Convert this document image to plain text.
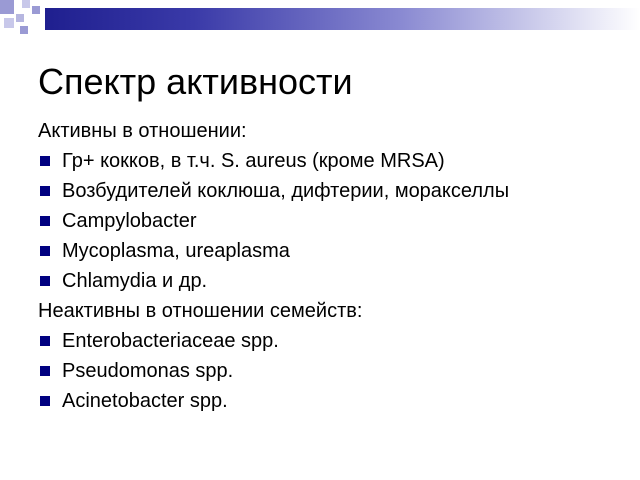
Спектр активности
Активны в отношении:
Гр+ кокков, в т.ч. S. aureus (кроме MRSA)
Возбудителей коклюша, дифтерии, моракселлы
Campylobacter
Mycoplasma, ureaplasma
Chlamydia и др.
Неактивны в отношении семейств:
Enterobacteriaceae spp.
Pseudomonas spp.
Acinetobacter spp.
